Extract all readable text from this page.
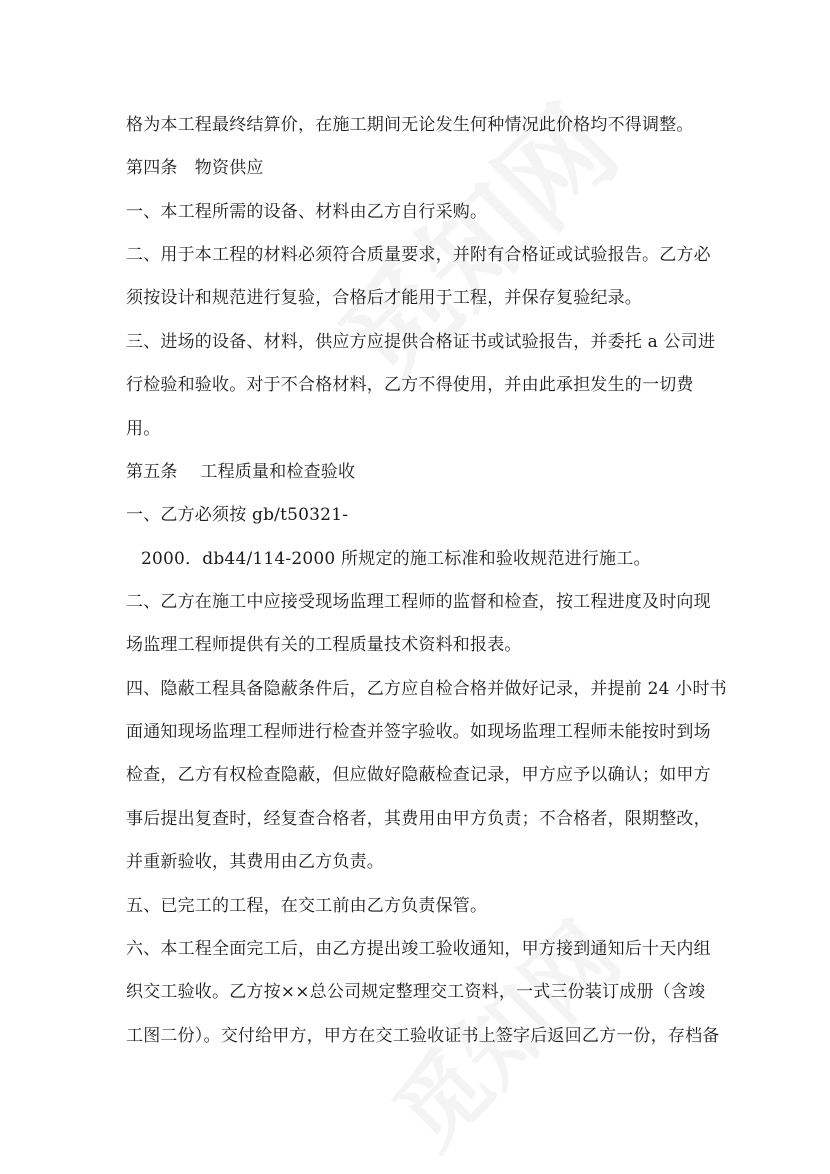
格为本工程最终结算价，在施工期间无论发生何种情况此价格均不得调整。
第四条　物资供应
一、本工程所需的设备、材料由乙方自行采购。
二、用于本工程的材料必须符合质量要求，并附有合格证或试验报告。乙方必
须按设计和规范进行复验，合格后才能用于工程，并保存复验纪录。
三、进场的设备、材料，供应方应提供合格证书或试验报告，并委托 a 公司进
行检验和验收。对于不合格材料，乙方不得使用，并由此承担发生的一切费
用。
第五条　 工程质量和检查验收
一、乙方必须按 gb/t50321-
2000．db44/114-2000 所规定的施工标准和验收规范进行施工。
二、乙方在施工中应接受现场监理工程师的监督和检查，按工程进度及时向现
场监理工程师提供有关的工程质量技术资料和报表。
四、隐蔽工程具备隐蔽条件后，乙方应自检合格并做好记录，并提前 24 小时书
面通知现场监理工程师进行检查并签字验收。如现场监理工程师未能按时到场
检查，乙方有权检查隐蔽，但应做好隐蔽检查记录，甲方应予以确认；如甲方
事后提出复查时，经复查合格者，其费用由甲方负责；不合格者，限期整改，
并重新验收，其费用由乙方负责。
五、已完工的工程，在交工前由乙方负责保管。
六、本工程全面完工后，由乙方提出竣工验收通知，甲方接到通知后十天内组
织交工验收。乙方按××总公司规定整理交工资料，一式三份装订成册（含竣
工图二份）。交付给甲方，甲方在交工验收证书上签字后返回乙方一份，存档备
